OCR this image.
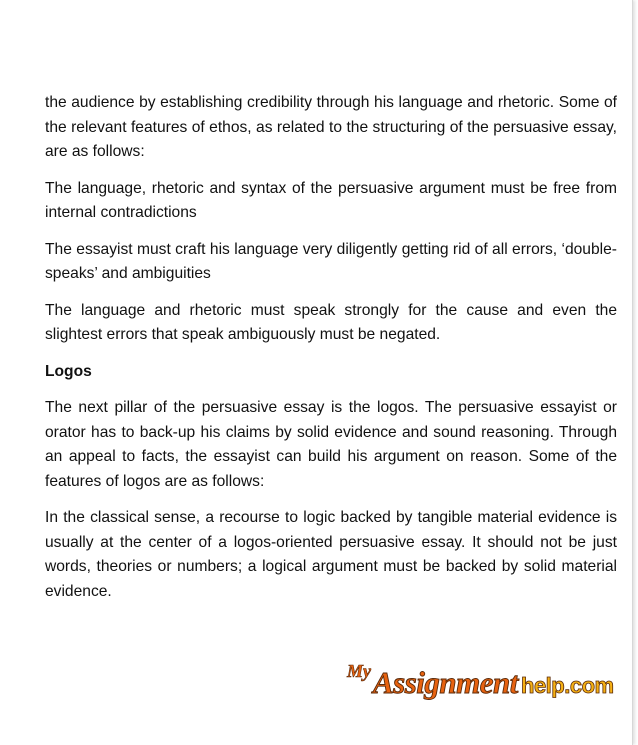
the audience by establishing credibility through his language and rhetoric. Some of the relevant features of ethos, as related to the structuring of the persuasive essay, are as follows:

The language, rhetoric and syntax of the persuasive argument must be free from internal contradictions

The essayist must craft his language very diligently getting rid of all errors, ‘double-speaks’ and ambiguities

The language and rhetoric must speak strongly for the cause and even the slightest errors that speak ambiguously must be negated.

Logos

The next pillar of the persuasive essay is the logos. The persuasive essayist or orator has to back-up his claims by solid evidence and sound reasoning. Through an appeal to facts, the essayist can build his argument on reason. Some of the features of logos are as follows:

In the classical sense, a recourse to logic backed by tangible material evidence is usually at the center of a logos-oriented persuasive essay. It should not be just words, theories or numbers; a logical argument must be backed by solid material evidence.

My Assignment help.com
